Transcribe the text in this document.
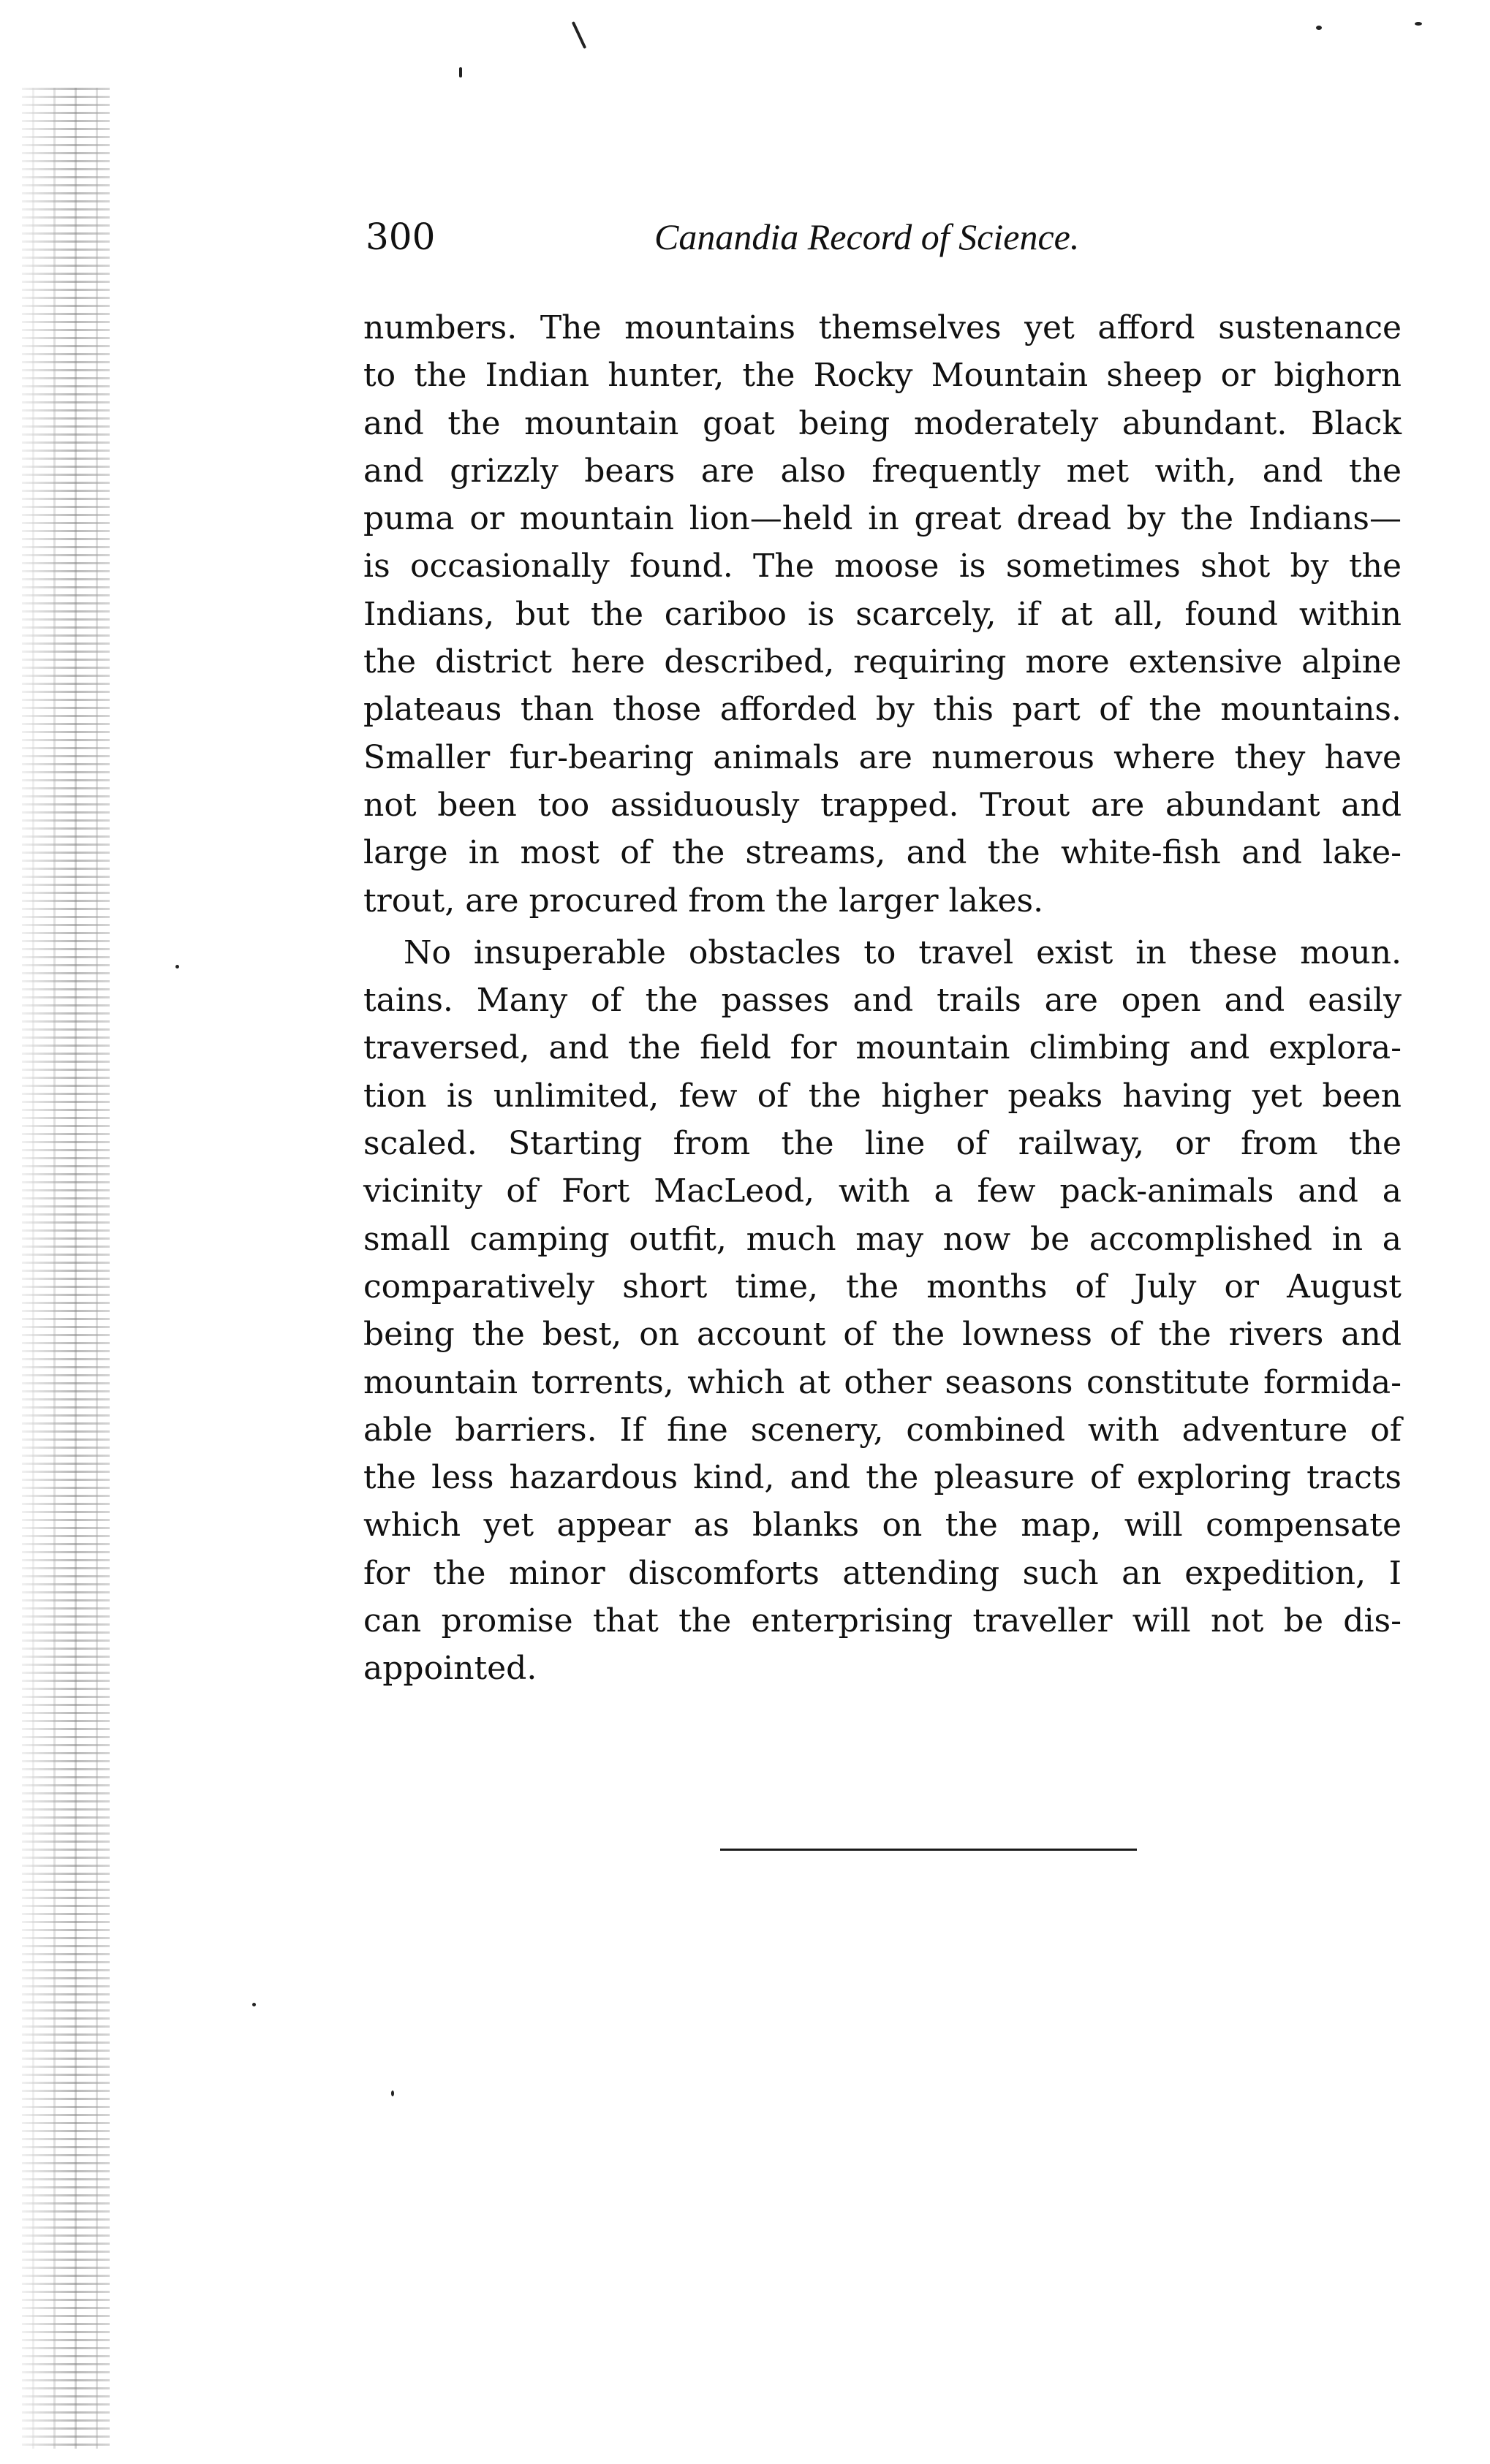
300	Canandia Record of Science.
numbers. The mountains themselves yet afford sustenance
to the Indian hunter, the Rocky Mountain sheep or bighorn
and the mountain goat being moderately abundant. Black
and grizzly bears are also frequently met with, and the
puma or mountain lion—held in great dread by the Indians—
is occasionally found. The moose is sometimes shot by the
Indians, but the cariboo is scarcely, if at all, found within
the district here described, requiring more extensive alpine
plateaus than those afforded by this part of the mountains.
Smaller fur-bearing animals are numerous where they have
not been too assiduously trapped. Trout are abundant and
large in most of the streams, and the white-fish and lake-
trout, are procured from the larger lakes.
No insuperable obstacles to travel exist in these moun.
tains. Many of the passes and trails are open and easily
traversed, and the field for mountain climbing and explora-
tion is unlimited, few of the higher peaks having yet been
scaled. Starting from the line of railway, or from the
vicinity of Fort MacLeod, with a few pack-animals and a
small camping outfit, much may now be accomplished in a
comparatively short time, the months of July or August
being the best, on account of the lowness of the rivers and
mountain torrents, which at other seasons constitute formida-
able barriers. If fine scenery, combined with adventure of
the less hazardous kind, and the pleasure of exploring tracts
which yet appear as blanks on the map, will compensate
for the minor discomforts attending such an expedition, I
can promise that the enterprising traveller will not be dis-
appointed.
